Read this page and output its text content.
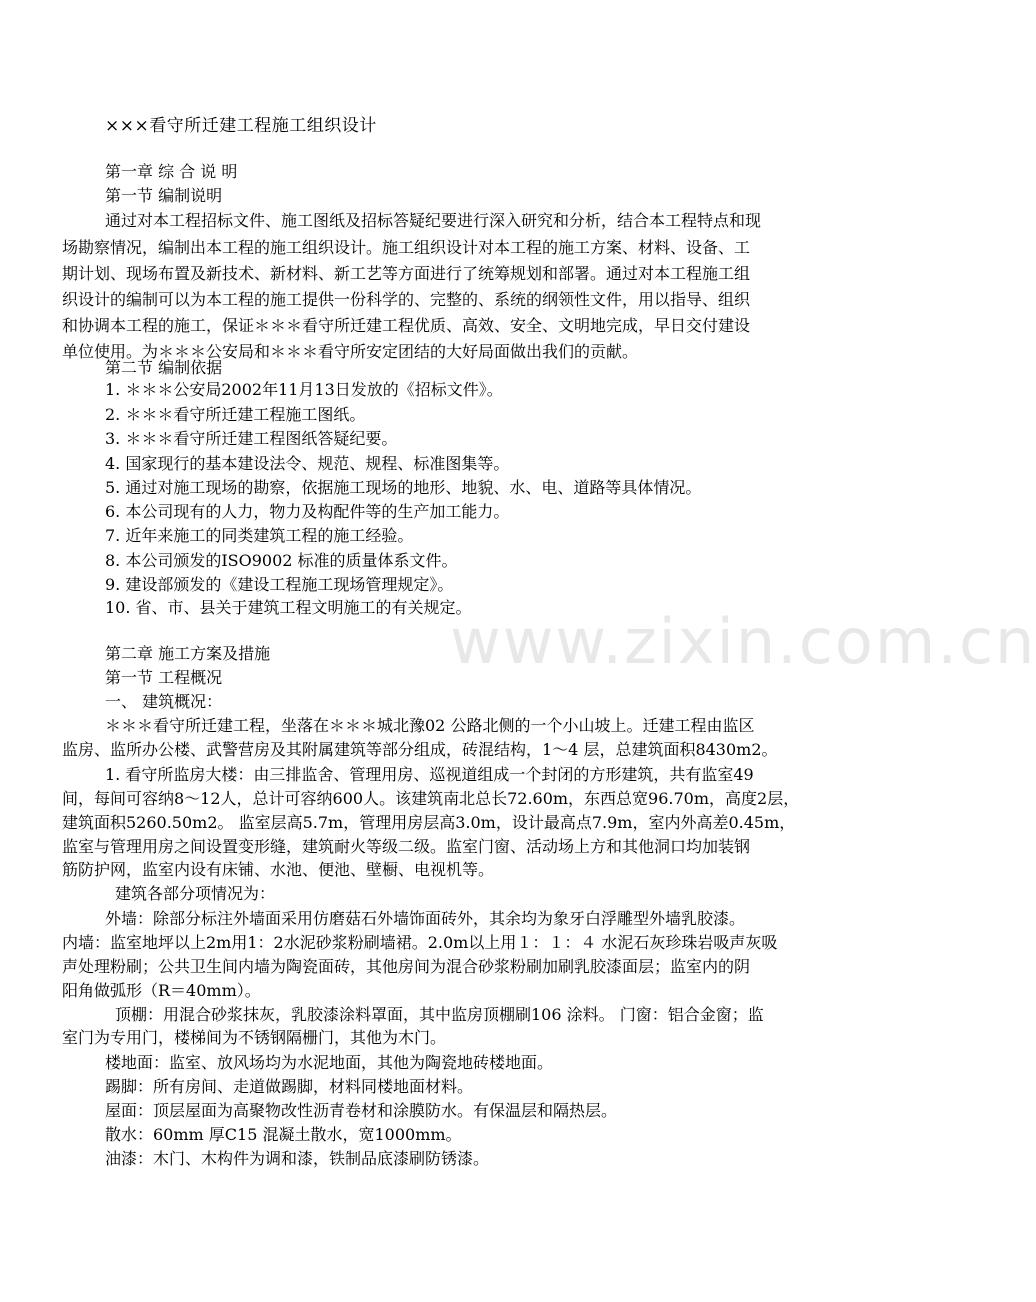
www.zixin.com.cn
×××看守所迁建工程施工组织设计
第一章 综 合 说 明
第一节 编制说明
通过对本工程招标文件、施工图纸及招标答疑纪要进行深入研究和分析，结合本工程特点和现
场勘察情况，编制出本工程的施工组织设计。施工组织设计对本工程的施工方案、材料、设备、工
期计划、现场布置及新技术、新材料、新工艺等方面进行了统筹规划和部署。通过对本工程施工组
织设计的编制可以为本工程的施工提供一份科学的、完整的、系统的纲领性文件，用以指导、组织
和协调本工程的施工，保证＊＊＊看守所迁建工程优质、高效、安全、文明地完成，早日交付建设
单位使用。为＊＊＊公安局和＊＊＊看守所安定团结的大好局面做出我们的贡献。
第二节 编制依据
1. ＊＊＊公安局2002年11月13日发放的《招标文件》。
2. ＊＊＊看守所迁建工程施工图纸。
3. ＊＊＊看守所迁建工程图纸答疑纪要。
4. 国家现行的基本建设法令、规范、规程、标准图集等。
5. 通过对施工现场的勘察，依据施工现场的地形、地貌、水、电、道路等具体情况。
6. 本公司现有的人力，物力及构配件等的生产加工能力。
7. 近年来施工的同类建筑工程的施工经验。
8. 本公司颁发的ISO9002 标准的质量体系文件。
9. 建设部颁发的《建设工程施工现场管理规定》。
10. 省、市、县关于建筑工程文明施工的有关规定。
第二章 施工方案及措施
第一节 工程概况
一、 建筑概况：
＊＊＊看守所迁建工程，坐落在＊＊＊城北豫02 公路北侧的一个小山坡上。迁建工程由监区
监房、监所办公楼、武警营房及其附属建筑等部分组成，砖混结构，1～4 层，总建筑面积8430m2。
1. 看守所监房大楼：由三排监舍、管理用房、巡视道组成一个封闭的方形建筑，共有监室49
间，每间可容纳8～12人，总计可容纳600人。该建筑南北总长72.60m，东西总宽96.70m，高度2层，
建筑面积5260.50m2。 监室层高5.7m，管理用房层高3.0m，设计最高点7.9m，室内外高差0.45m，
监室与管理用房之间设置变形缝，建筑耐火等级二级。监室门窗、活动场上方和其他洞口均加装钢
筋防护网，监室内设有床铺、水池、便池、壁橱、电视机等。
建筑各部分项情况为：
外墙：除部分标注外墙面采用仿磨菇石外墙饰面砖外，其余均为象牙白浮雕型外墙乳胶漆。
内墙：监室地坪以上2m用1：2水泥砂浆粉刷墙裙。2.0m以上用１：１：４ 水泥石灰珍珠岩吸声灰吸
声处理粉刷；公共卫生间内墙为陶瓷面砖，其他房间为混合砂浆粉刷加刷乳胶漆面层；监室内的阴
阳角做弧形（R＝40mm）。
顶棚：用混合砂浆抹灰，乳胶漆涂料罩面，其中监房顶棚刷106 涂料。 门窗：铝合金窗；监
室门为专用门，楼梯间为不锈钢隔栅门，其他为木门。
楼地面：监室、放风场均为水泥地面，其他为陶瓷地砖楼地面。
踢脚：所有房间、走道做踢脚，材料同楼地面材料。
屋面：顶层屋面为高聚物改性沥青卷材和涂膜防水。有保温层和隔热层。
散水：60mm 厚C15 混凝土散水，宽1000mm。
油漆：木门、木构件为调和漆，铁制品底漆刷防锈漆。
